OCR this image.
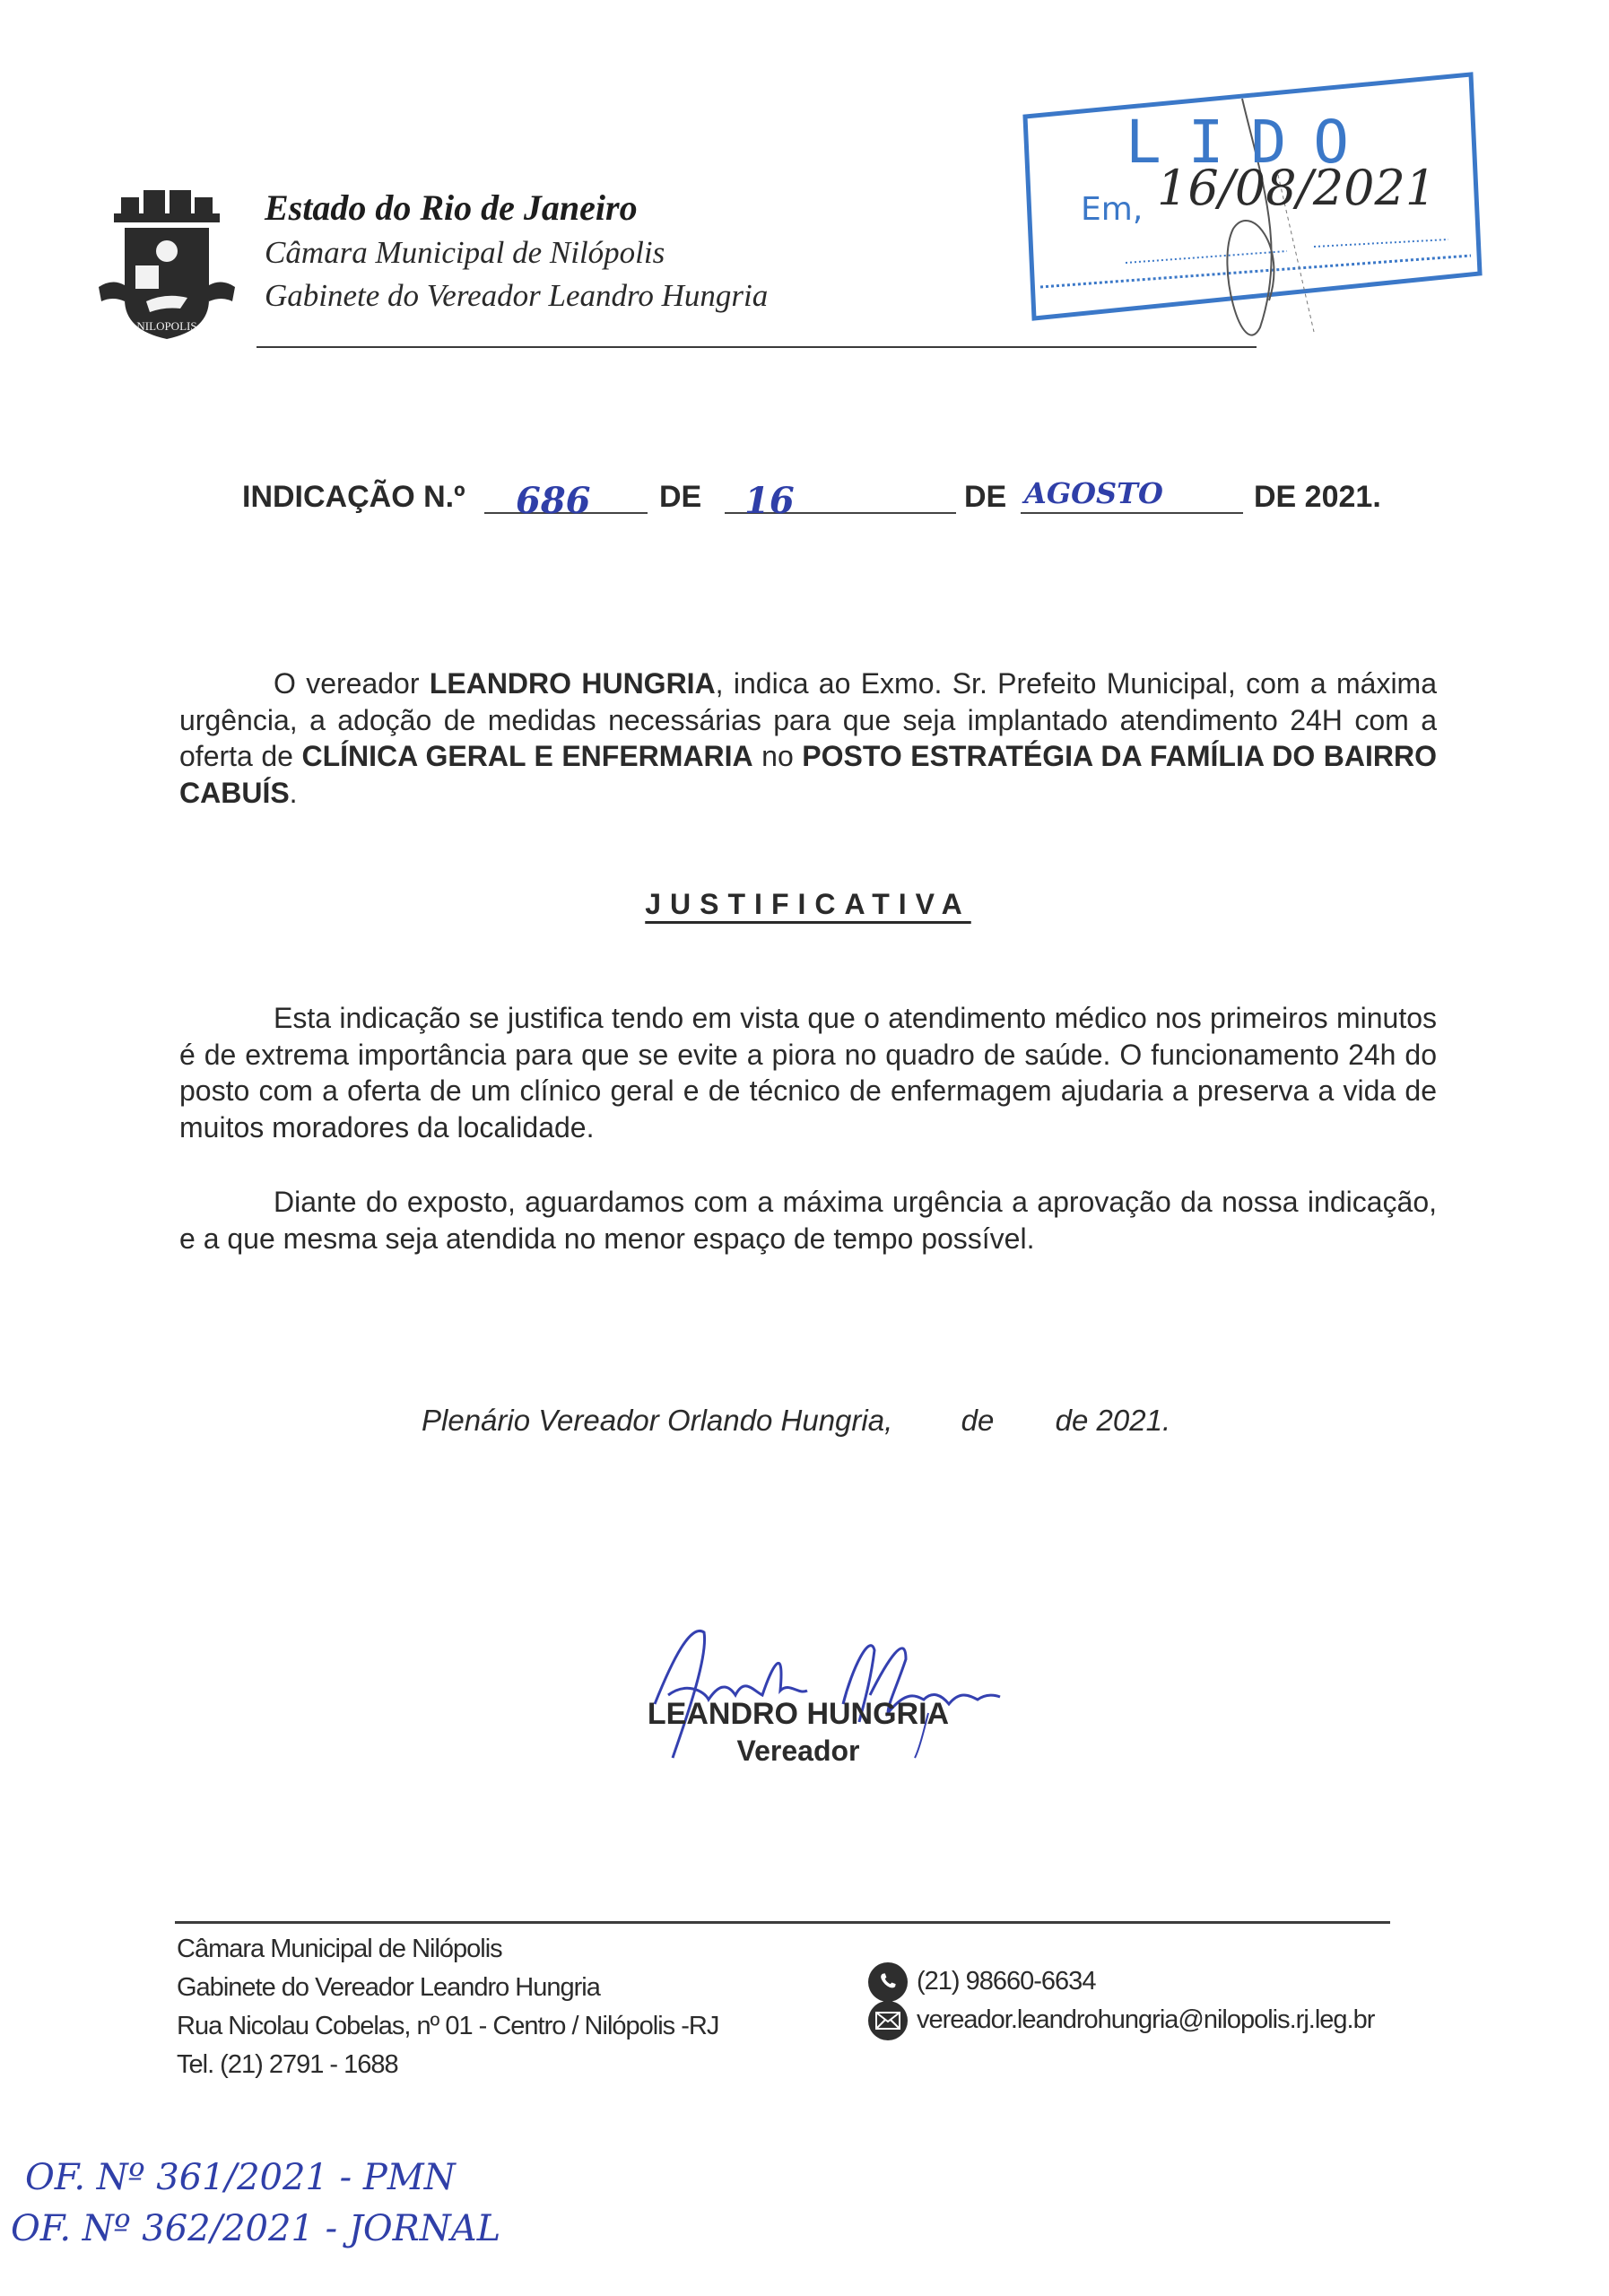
NILOPOLIS
Estado do Rio de Janeiro
Câmara Municipal de Nilópolis
Gabinete do Vereador Leandro Hungria
LIDO
Em, 16/08/2021
INDICAÇÃO N.º 686 DE 16	DE AGOSTO	DE 2021.
O vereador LEANDRO HUNGRIA, indica ao Exmo. Sr. Prefeito Municipal, com a máxima urgência, a adoção de medidas necessárias para que seja implantado atendimento 24H com a oferta de CLÍNICA GERAL E ENFERMARIA no POSTO ESTRATÉGIA DA FAMÍLIA DO BAIRRO CABUÍS.
JUSTIFICATIVA
Esta indicação se justifica tendo em vista que o atendimento médico nos primeiros minutos é de extrema importância para que se evite a piora no quadro de saúde. O funcionamento 24h do posto com a oferta de um clínico geral e de técnico de enfermagem ajudaria a preserva a vida de muitos moradores da localidade.
Diante do exposto, aguardamos com a máxima urgência a aprovação da nossa indicação, e a que mesma seja atendida no menor espaço de tempo possível.
Plenário Vereador Orlando Hungria, de de 2021.
LEANDRO HUNGRIA
Vereador
Câmara Municipal de Nilópolis
Gabinete do Vereador Leandro Hungria
Rua Nicolau Cobelas, nº 01 - Centro / Nilópolis -RJ
Tel. (21) 2791 - 1688
(21) 98660-6634
vereador.leandrohungria@nilopolis.rj.leg.br
OF. Nº 361/2021 - PMN
OF. Nº 362/2021 - JORNAL
